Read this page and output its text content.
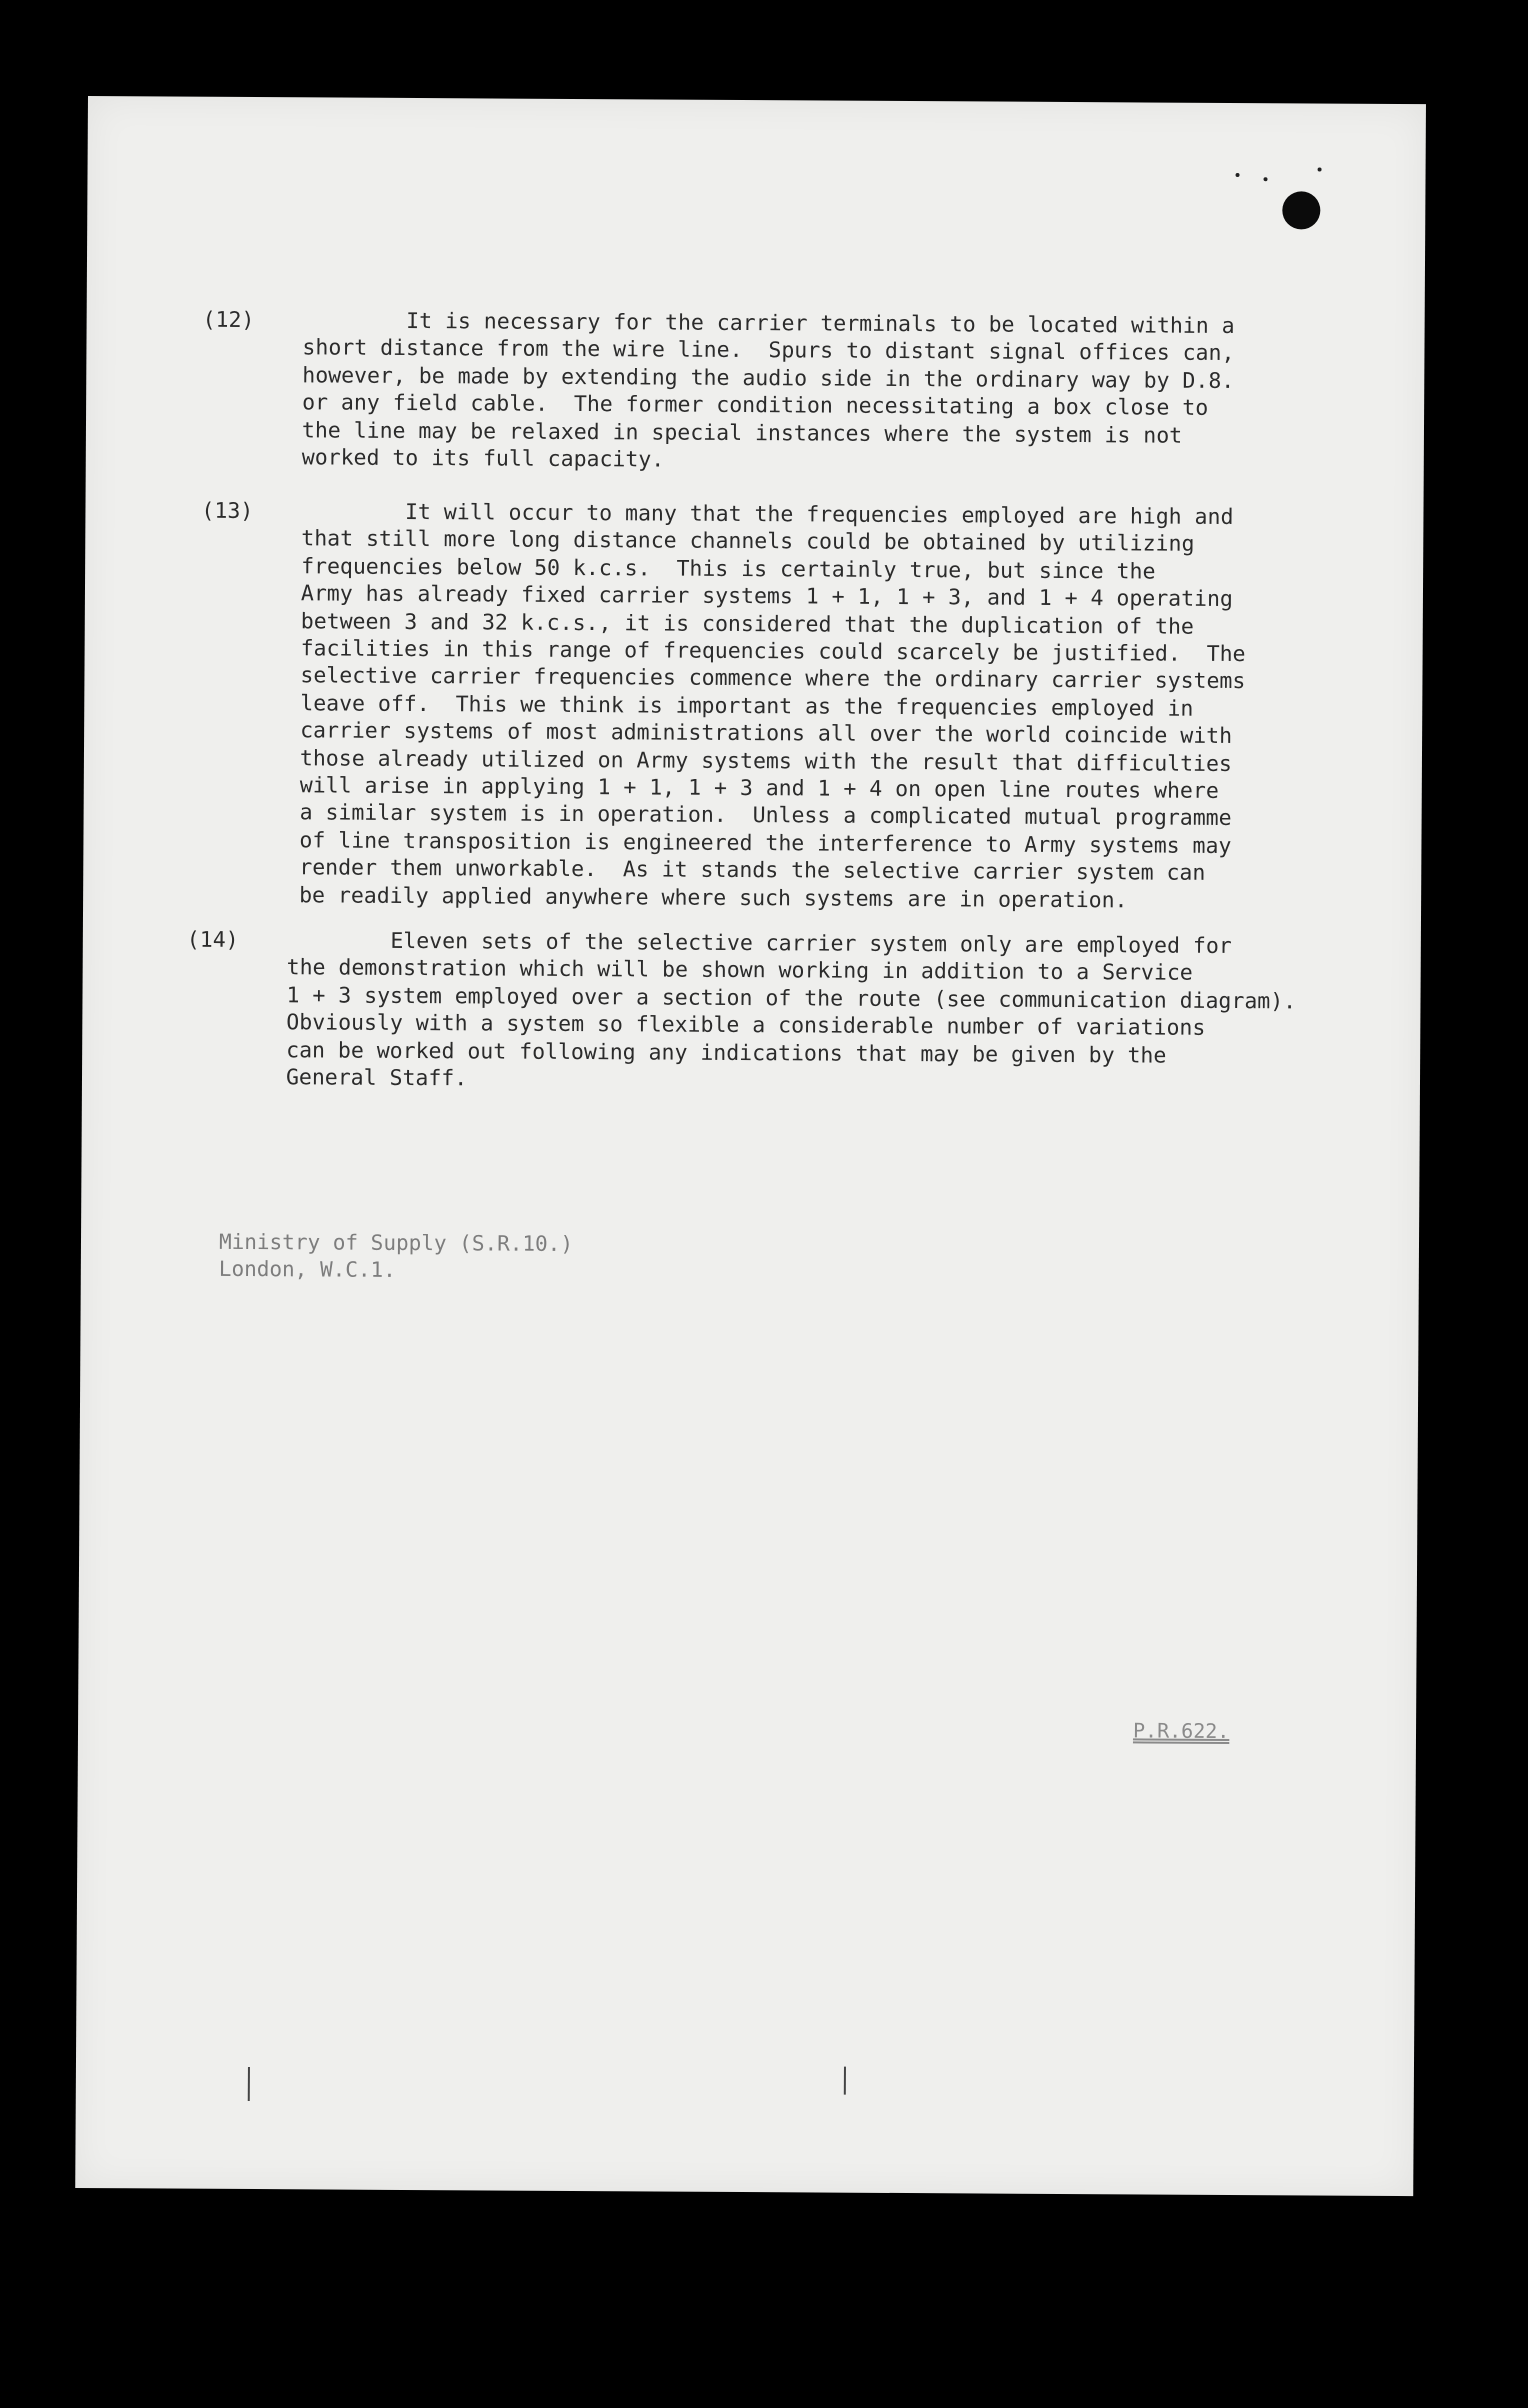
​
(12) It is necessary for the carrier terminals to be located within a
short distance from the wire line.  Spurs to distant signal offices can,
however, be made by extending the audio side in the ordinary way by D.8.
or any field cable.  The former condition necessitating a box close to
the line may be relaxed in special instances where the system is not
worked to its full capacity.
(13) It will occur to many that the frequencies employed are high and
that still more long distance channels could be obtained by utilizing
frequencies below 50 k.c.s.  This is certainly true, but since the
Army has already fixed carrier systems 1 + 1, 1 + 3, and 1 + 4 operating
between 3 and 32 k.c.s., it is considered that the duplication of the
facilities in this range of frequencies could scarcely be justified.  The
selective carrier frequencies commence where the ordinary carrier systems
leave off.  This we think is important as the frequencies employed in
carrier systems of most administrations all over the world coincide with
those already utilized on Army systems with the result that difficulties
will arise in applying 1 + 1, 1 + 3 and 1 + 4 on open line routes where
a similar system is in operation.  Unless a complicated mutual programme
of line transposition is engineered the interference to Army systems may
render them unworkable.  As it stands the selective carrier system can
be readily applied anywhere where such systems are in operation.
(14) Eleven sets of the selective carrier system only are employed for
the demonstration which will be shown working in addition to a Service
1 + 3 system employed over a section of the route (see communication diagram).
Obviously with a system so flexible a considerable number of variations
can be worked out following any indications that may be given by the
General Staff.
Ministry of Supply (S.R.10.)
London, W.C.1.
P.R.622.
